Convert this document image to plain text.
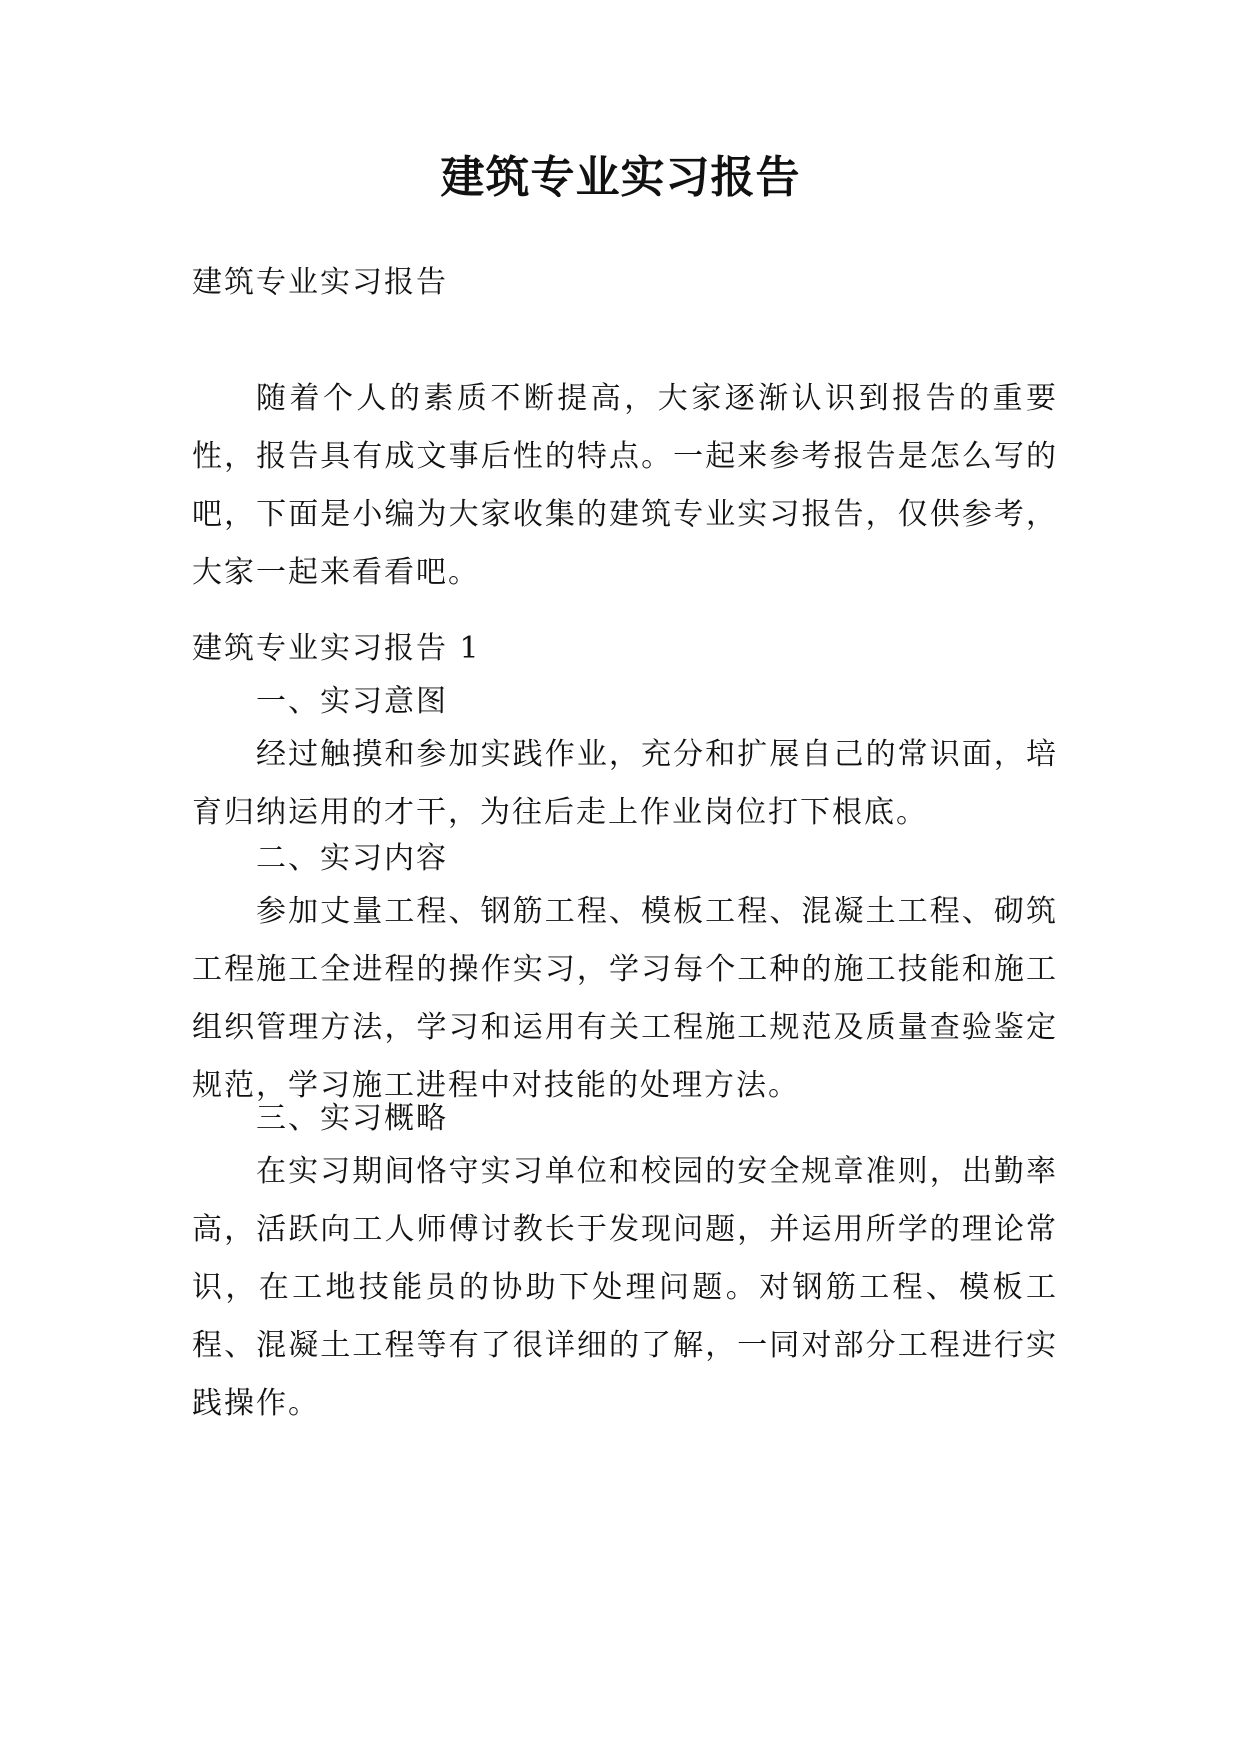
建筑专业实习报告

建筑专业实习报告

随着个人的素质不断提高，大家逐渐认识到报告的重要性，报告具有成文事后性的特点。一起来参考报告是怎么写的吧，下面是小编为大家收集的建筑专业实习报告，仅供参考，大家一起来看看吧。

建筑专业实习报告 1

一、实习意图

经过触摸和参加实践作业，充分和扩展自己的常识面，培育归纳运用的才干，为往后走上作业岗位打下根底。

二、实习内容

参加丈量工程、钢筋工程、模板工程、混凝土工程、砌筑工程施工全进程的操作实习，学习每个工种的施工技能和施工组织管理方法，学习和运用有关工程施工规范及质量查验鉴定规范，学习施工进程中对技能的处理方法。

三、实习概略

在实习期间恪守实习单位和校园的安全规章准则，出勤率高，活跃向工人师傅讨教长于发现问题，并运用所学的理论常识，在工地技能员的协助下处理问题。对钢筋工程、模板工程、混凝土工程等有了很详细的了解，一同对部分工程进行实践操作。
